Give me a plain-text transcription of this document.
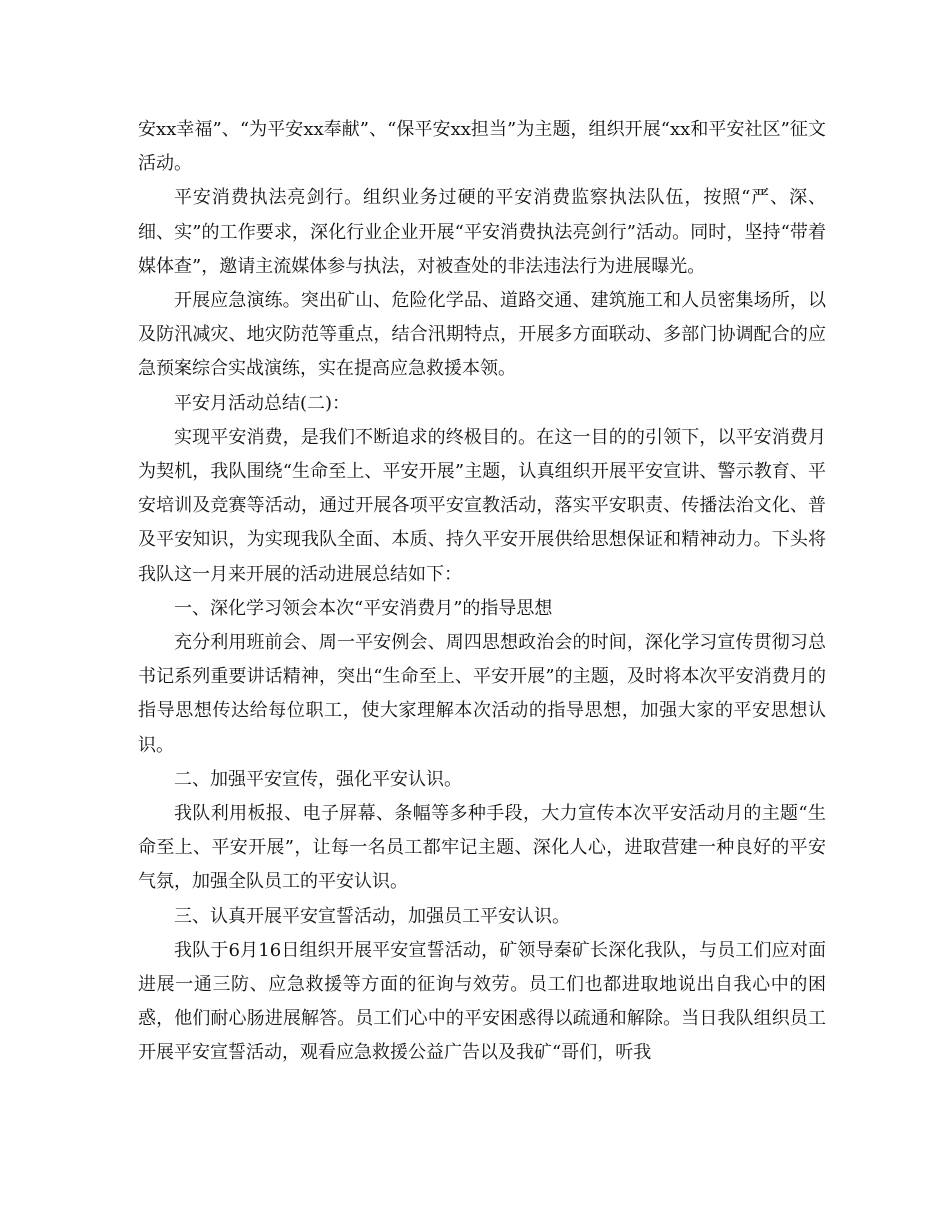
安xx幸福”、“为平安xx奉献”、“保平安xx担当”为主题，组织开展“xx和平安社区”征文活动。

平安消费执法亮剑行。组织业务过硬的平安消费监察执法队伍，按照“严、深、细、实”的工作要求，深化行业企业开展“平安消费执法亮剑行”活动。同时，坚持“带着媒体查”，邀请主流媒体参与执法，对被查处的非法违法行为进展曝光。

开展应急演练。突出矿山、危险化学品、道路交通、建筑施工和人员密集场所，以及防汛减灾、地灾防范等重点，结合汛期特点，开展多方面联动、多部门协调配合的应急预案综合实战演练，实在提高应急救援本领。

平安月活动总结(二)：

实现平安消费，是我们不断追求的终极目的。在这一目的的引领下，以平安消费月为契机，我队围绕“生命至上、平安开展”主题，认真组织开展平安宣讲、警示教育、平安培训及竞赛等活动，通过开展各项平安宣教活动，落实平安职责、传播法治文化、普及平安知识，为实现我队全面、本质、持久平安开展供给思想保证和精神动力。下头将我队这一月来开展的活动进展总结如下：

一、深化学习领会本次“平安消费月”的指导思想

充分利用班前会、周一平安例会、周四思想政治会的时间，深化学习宣传贯彻习总书记系列重要讲话精神，突出“生命至上、平安开展”的主题，及时将本次平安消费月的指导思想传达给每位职工，使大家理解本次活动的指导思想，加强大家的平安思想认识。

二、加强平安宣传，强化平安认识。

我队利用板报、电子屏幕、条幅等多种手段，大力宣传本次平安活动月的主题“生命至上、平安开展”，让每一名员工都牢记主题、深化人心，进取营建一种良好的平安气氛，加强全队员工的平安认识。

三、认真开展平安宣誓活动，加强员工平安认识。

我队于6月16日组织开展平安宣誓活动，矿领导秦矿长深化我队，与员工们应对面进展一通三防、应急救援等方面的征询与效劳。员工们也都进取地说出自我心中的困惑，他们耐心肠进展解答。员工们心中的平安困惑得以疏通和解除。当日我队组织员工开展平安宣誓活动，观看应急救援公益广告以及我矿“哥们，听我
